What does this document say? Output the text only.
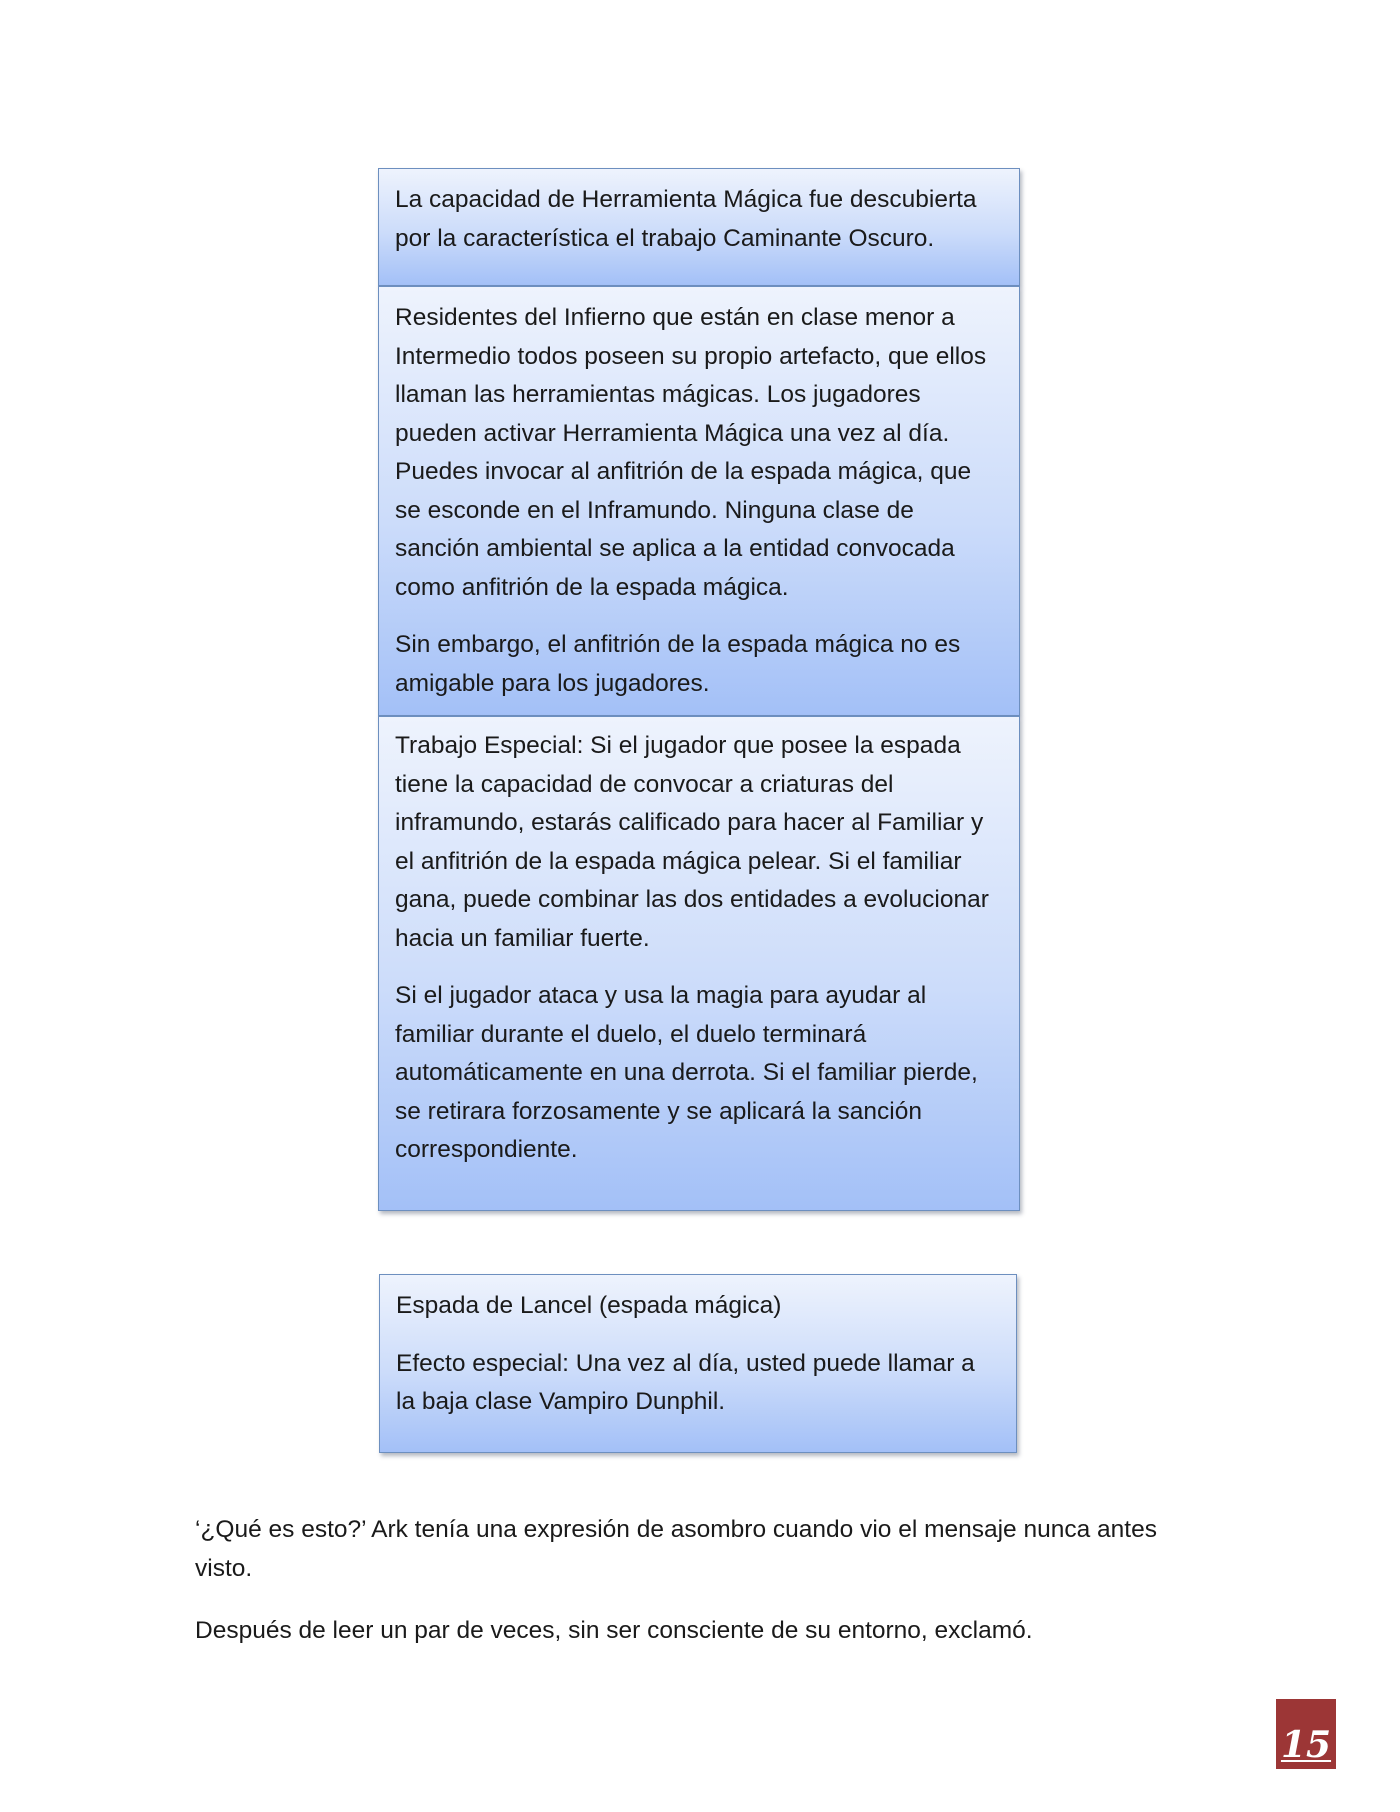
La capacidad de Herramienta Mágica fue descubierta por la característica el trabajo Caminante Oscuro.

Residentes del Infierno que están en clase menor a Intermedio todos poseen su propio artefacto, que ellos llaman las herramientas mágicas. Los jugadores pueden activar Herramienta Mágica una vez al día. Puedes invocar al anfitrión de la espada mágica, que se esconde en el Inframundo. Ninguna clase de sanción ambiental se aplica a la entidad convocada como anfitrión de la espada mágica.

Sin embargo, el anfitrión de la espada mágica no es amigable para los jugadores.

Trabajo Especial: Si el jugador que posee la espada tiene la capacidad de convocar a criaturas del inframundo, estarás calificado para hacer al Familiar y el anfitrión de la espada mágica pelear. Si el familiar gana, puede combinar las dos entidades a evolucionar hacia un familiar fuerte.

Si el jugador ataca y usa la magia para ayudar al familiar durante el duelo, el duelo terminará automáticamente en una derrota. Si el familiar pierde, se retirara forzosamente y se aplicará la sanción correspondiente.

Espada de Lancel (espada mágica)

Efecto especial: Una vez al día, usted puede llamar a la baja clase Vampiro Dunphil.

‘¿Qué es esto?’ Ark tenía una expresión de asombro cuando vio el mensaje nunca antes visto.

Después de leer un par de veces, sin ser consciente de su entorno, exclamó.

15
